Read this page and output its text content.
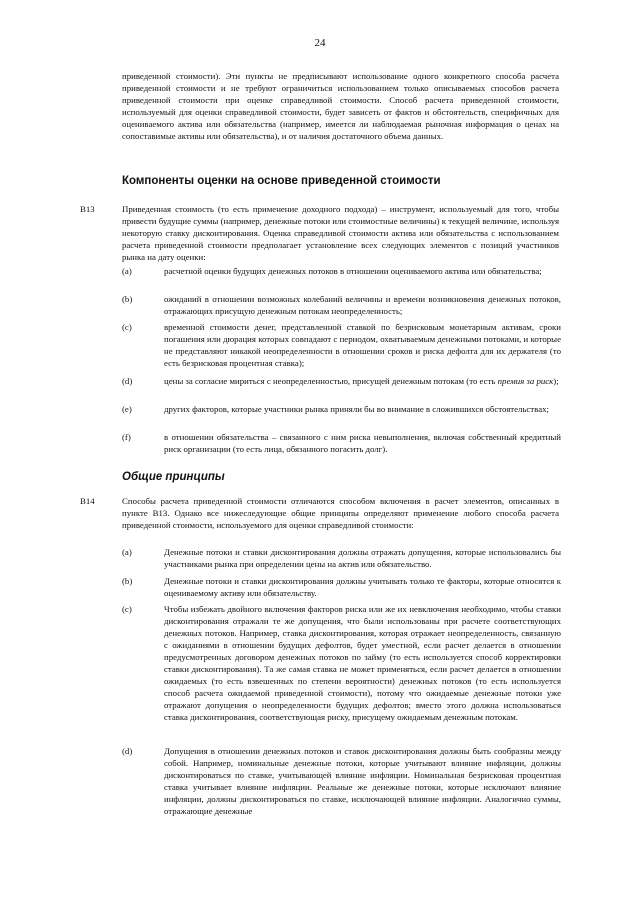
24

приведенной стоимости). Эти пункты не предписывают использование одного конкретного способа расчета приведенной стоимости и не требуют ограничиться использованием только описываемых способов расчета приведенной стоимости при оценке справедливой стоимости. Способ расчета приведенной стоимости, используемый для оценки справедливой стоимости, будет зависеть от фактов и обстоятельств, специфичных для оцениваемого актива или обязательства (например, имеется ли наблюдаемая рыночная информация о ценах на сопоставимые активы или обязательства), и от наличия достаточного объема данных.

Компоненты оценки на основе приведенной стоимости
B13	Приведенная стоимость (то есть применение доходного подхода) – инструмент, используемый для того, чтобы привести будущие суммы (например, денежные потоки или стоимостные величины) к текущей величине, используя некоторую ставку дисконтирования. Оценка справедливой стоимости актива или обязательства с использованием расчета приведенной стоимости предполагает установление всех следующих элементов с позиций участников рынка на дату оценки:

(a)	расчетной оценки будущих денежных потоков в отношении оцениваемого актива или обязательства;

(b)	ожиданий в отношении возможных колебаний величины и времени возникновения денежных потоков, отражающих присущую денежным потокам неопределенность;

(c)	временной стоимости денег, представленной ставкой по безрисковым монетарным активам, сроки погашения или дюрация которых совпадают с периодом, охватываемым денежными потоками, и которые не представляют никакой неопределенности в отношении сроков и риска дефолта для их держателя (то есть безрисковая процентная ставка);

(d)	цены за согласие мириться с неопределенностью, присущей денежным потокам (то есть премия за риск);

(e)	других факторов, которые участники рынка приняли бы во внимание в сложившихся обстоятельствах;

(f)	в отношении обязательства – связанного с ним риска невыполнения, включая собственный кредитный риск организации (то есть лица, обязанного погасить долг).

Общие принципы
B14	Способы расчета приведенной стоимости отличаются способом включения в расчет элементов, описанных в пункте B13. Однако все нижеследующие общие принципы определяют применение любого способа расчета приведенной стоимости, используемого для оценки справедливой стоимости:

(a)	Денежные потоки и ставки дисконтирования должны отражать допущения, которые использовались бы участниками рынка при определении цены на актив или обязательство.

(b)	Денежные потоки и ставки дисконтирования должны учитывать только те факторы, которые относятся к оцениваемому активу или обязательству.

(c)	Чтобы избежать двойного включения факторов риска или же их невключения необходимо, чтобы ставки дисконтирования отражали те же допущения, что были использованы при расчете соответствующих денежных потоков. Например, ставка дисконтирования, которая отражает неопределенность, связанную с ожиданиями в отношении будущих дефолтов, будет уместной, если расчет делается в отношении предусмотренных договором денежных потоков по займу (то есть используется способ корректировки ставки дисконтирования). Та же самая ставка не может применяться, если расчет делается в отношении ожидаемых (то есть взвешенных по степени вероятности) денежных потоков (то есть используется способ расчета ожидаемой приведенной стоимости), потому что ожидаемые денежные потоки уже отражают допущения о неопределенности будущих дефолтов; вместо этого должна использоваться ставка дисконтирования, соответствующая риску, присущему ожидаемым денежным потокам.

(d)	Допущения в отношении денежных потоков и ставок дисконтирования должны быть сообразны между собой. Например, номинальные денежные потоки, которые учитывают влияние инфляции, должны дисконтироваться по ставке, учитывающей влияние инфляции. Номинальная безрисковая процентная ставка учитывает влияние инфляции. Реальные же денежные потоки, которые исключают влияние инфляции, должны дисконтироваться по ставке, исключающей влияние инфляции. Аналогично суммы, отражающие денежные
